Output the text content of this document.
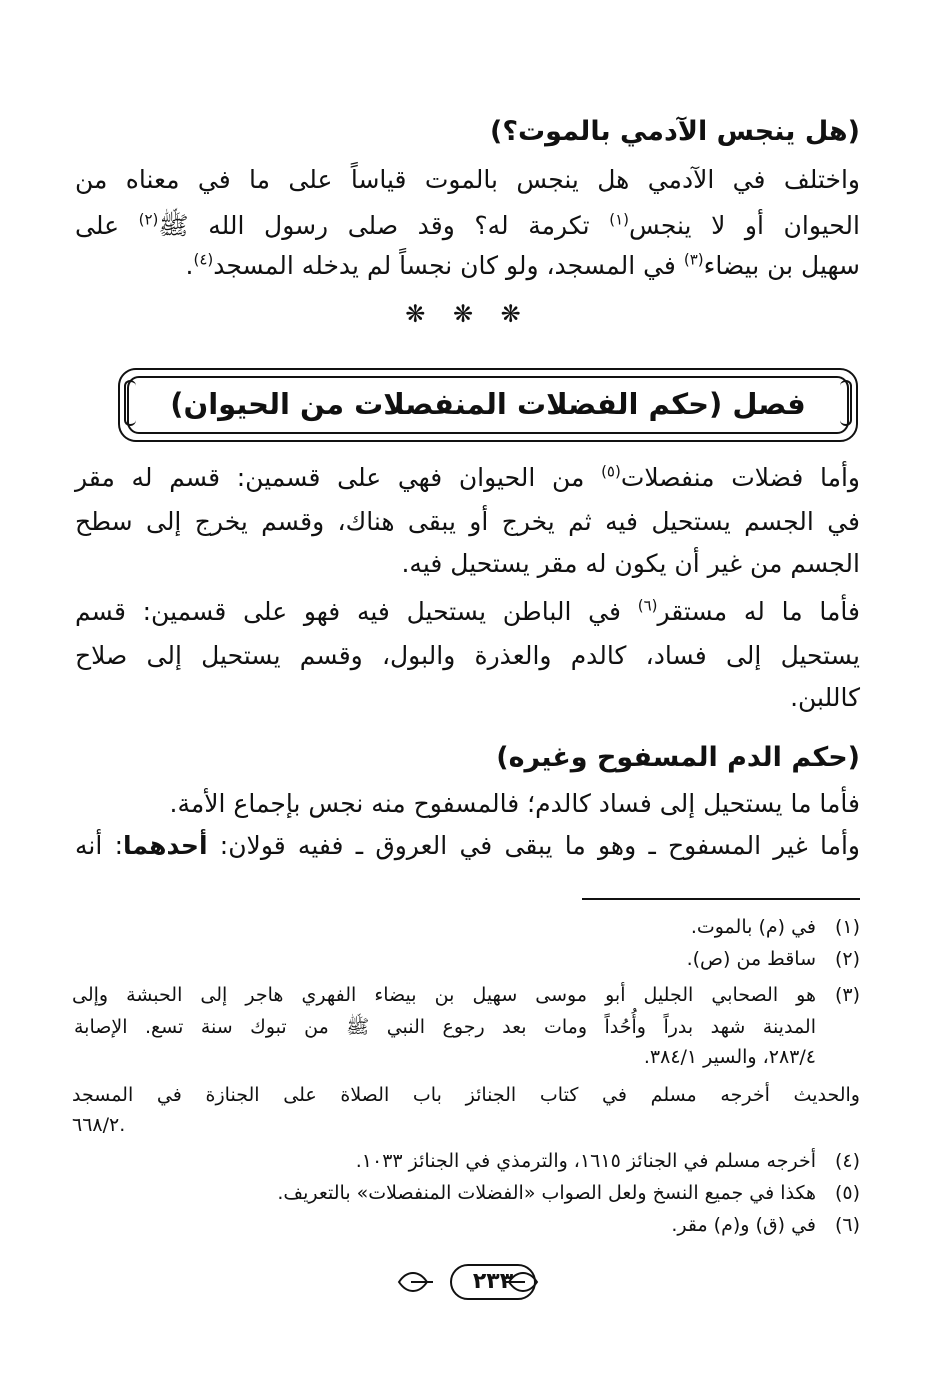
(هل ينجس الآدمي بالموت؟)
واختلف في الآدمي هل ينجس بالموت قياساً على ما في معناه من
الحيوان أو لا ينجس$^{(١)}$ تكرمة له؟ وقد صلى رسول الله ﷺ$^{(٢)}$ على
سهيل بن بيضاء$^{(٣)}$ في المسجد، ولو كان نجساً لم يدخله المسجد$^{(٤)}$.
❋ ❋ ❋
فصل (حكم الفضلات المنفصلات من الحيوان)
وأما فضلات منفصلات$^{(٥)}$ من الحيوان فهي على قسمين: قسم له مقر
في الجسم يستحيل فيه ثم يخرج أو يبقى هناك، وقسم يخرج إلى سطح
الجسم من غير أن يكون له مقر يستحيل فيه.
فأما ما له مستقر$^{(٦)}$ في الباطن يستحيل فيه فهو على قسمين: قسم
يستحيل إلى فساد، كالدم والعذرة والبول، وقسم يستحيل إلى صلاح
كاللبن.
(حكم الدم المسفوح وغيره)
فأما ما يستحيل إلى فساد كالدم؛ فالمسفوح منه نجس بإجماع الأمة.
وأما غير المسفوح ـ وهو ما يبقى في العروق ـ ففيه قولان: أحدهما: أنه
(١)في (م) بالموت.
(٢)ساقط من (ص).
(٣)هو الصحابي الجليل أبو موسى سهيل بن بيضاء الفهري هاجر إلى الحبشة وإلى
المدينة شهد بدراً وأُحُداً ومات بعد رجوع النبي ﷺ من تبوك سنة تسع. الإصابة
٢٨٣/٤، والسير ٣٨٤/١.
والحديث أخرجه مسلم في كتاب الجنائز باب الصلاة على الجنازة في المسجد
٦٦٨/٢.
(٤)أخرجه مسلم في الجنائز ١٦١٥، والترمذي في الجنائز ١٠٣٣.
(٥)هكذا في جميع النسخ ولعل الصواب «الفضلات المنفصلات» بالتعريف.
(٦)في (ق) و(م) مقر.
٢٣٣
